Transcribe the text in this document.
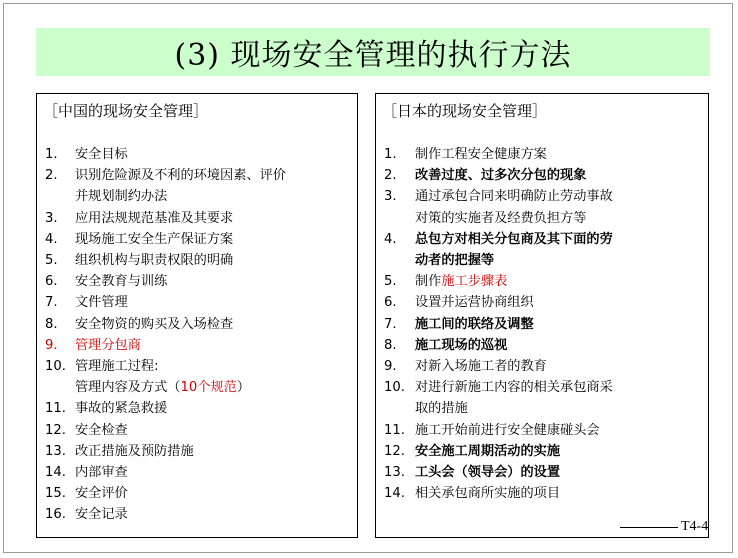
(3) 现场安全管理的执行方法
［中国的现场安全管理］
1.	安全目标
2.	识别危险源及不利的环境因素、评价
并规划制约办法
3.	应用法规规范基准及其要求
4.	现场施工安全生产保证方案
5.	组织机构与职责权限的明确
6.	安全教育与训练
7.	文件管理
8.	安全物资的购买及入场检查
9.	管理分包商
10. 管理施工过程:
管理内容及方式（10个规范）
11. 事故的紧急救援
12. 安全检查
13. 改正措施及预防措施
14. 内部审查
15. 安全评价
16. 安全记录
［日本的现场安全管理］
1.	制作工程安全健康方案
2.	改善过度、过多次分包的现象
3.	通过承包合同来明确防止劳动事故
对策的实施者及经费负担方等
4.	总包方对相关分包商及其下面的劳
动者的把握等
5.	制作施工步骤表
6.	设置并运营协商组织
7.	施工间的联络及调整
8.	施工现场的巡视
9.	对新入场施工者的教育
10. 对进行新施工内容的相关承包商采
取的措施
11. 施工开始前进行安全健康碰头会
12. 安全施工周期活动的实施
13. 工头会（领导会）的设置
14. 相关承包商所实施的项目
T4-4
